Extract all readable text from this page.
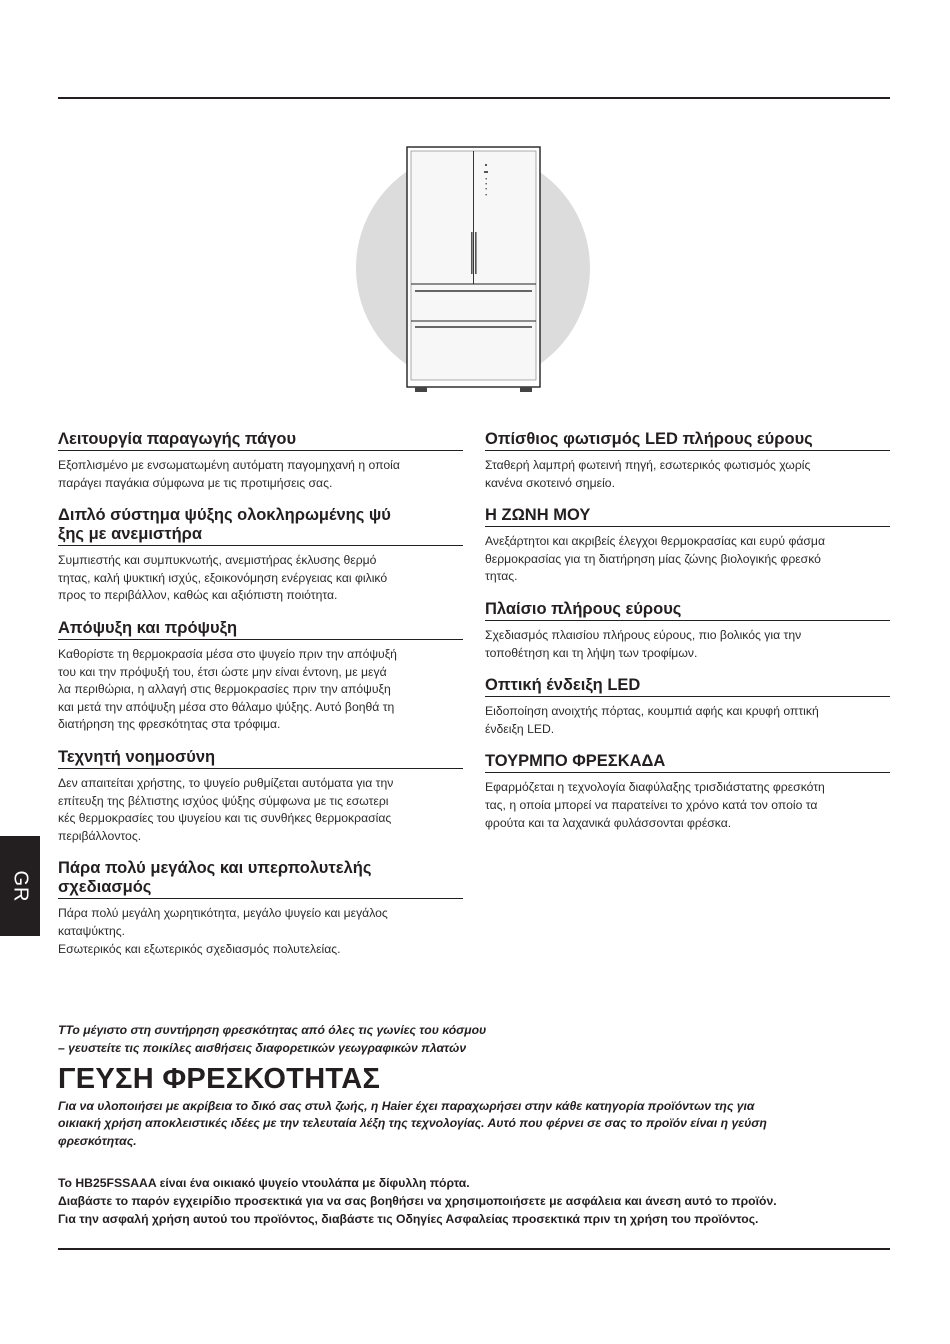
Λειτουργία παραγωγής πάγου

Εξοπλισμένο με ενσωματωμένη αυτόματη παγομηχανή η οποία
παράγει παγάκια σύμφωνα με τις προτιμήσεις σας.

Διπλό σύστημα ψύξης ολοκληρωμένης ψύ
ξης με ανεμιστήρα

Συμπιεστής και συμπυκνωτής, ανεμιστήρας έκλυσης θερμό
τητας, καλή ψυκτική ισχύς, εξοικονόμηση ενέργειας και φιλικό
προς το περιβάλλον, καθώς και αξιόπιστη ποιότητα.

Απόψυξη και πρόψυξη

Καθορίστε τη θερμοκρασία μέσα στο ψυγείο πριν την απόψυξή
του και την πρόψυξή του, έτσι ώστε μην είναι έντονη, με μεγά
λα περιθώρια, η αλλαγή στις θερμοκρασίες πριν την απόψυξη
και μετά την απόψυξη μέσα στο θάλαμο ψύξης. Αυτό βοηθά τη
διατήρηση της φρεσκότητας στα τρόφιμα.

Τεχνητή νοημοσύνη

Δεν απαιτείται χρήστης, το ψυγείο ρυθμίζεται αυτόματα για την
επίτευξη της βέλτιστης ισχύος ψύξης σύμφωνα με τις εσωτερι
κές θερμοκρασίες του ψυγείου και τις συνθήκες θερμοκρασίας
περιβάλλοντος.

Πάρα πολύ μεγάλος και υπερπολυτελής
σχεδιασμός

Πάρα πολύ μεγάλη χωρητικότητα, μεγάλο ψυγείο και μεγάλος
καταψύκτης.
Εσωτερικός και εξωτερικός σχεδιασμός πολυτελείας.

Οπίσθιος φωτισμός LED πλήρους εύρους

Σταθερή λαμπρή φωτεινή πηγή, εσωτερικός φωτισμός χωρίς
κανένα σκοτεινό σημείο.

Η ΖΩΝΗ ΜΟΥ

Ανεξάρτητοι και ακριβείς έλεγχοι θερμοκρασίας και ευρύ φάσμα
θερμοκρασίας για τη διατήρηση μίας ζώνης βιολογικής φρεσκό
τητας.

Πλαίσιο πλήρους εύρους

Σχεδιασμός πλαισίου πλήρους εύρους, πιο βολικός για την
τοποθέτηση και τη λήψη των τροφίμων.

Οπτική ένδειξη LED

Ειδοποίηση ανοιχτής πόρτας, κουμπιά αφής και κρυφή οπτική
ένδειξη LED.

ΤΟΥΡΜΠΟ ΦΡΕΣΚΑΔΑ

Εφαρμόζεται η τεχνολογία διαφύλαξης τρισδιάστατης φρεσκότη
τας, η οποία μπορεί να παρατείνει το χρόνο κατά τον οποίο τα
φρούτα και τα λαχανικά φυλάσσονται φρέσκα.

GR

ΤΤο μέγιστο στη συντήρηση φρεσκότητας από όλες τις γωνίες του κόσμου

– γευστείτε τις ποικίλες αισθήσεις διαφορετικών γεωγραφικών πλατών

ΓΕΥΣΗ ΦΡΕΣΚΟΤΗΤΑΣ

Για να υλοποιήσει με ακρίβεια το δικό σας στυλ ζωής, η Haier έχει παραχωρήσει στην κάθε κατηγορία προϊόντων της για
οικιακή χρήση αποκλειστικές ιδέες με την τελευταία λέξη της τεχνολογίας. Αυτό που φέρνει σε σας το προϊόν είναι η γεύση
φρεσκότητας.

Το HB25FSSAAA είναι ένα οικιακό ψυγείο ντουλάπα με δίφυλλη πόρτα.

Διαβάστε το παρόν εγχειρίδιο προσεκτικά για να σας βοηθήσει να χρησιμοποιήσετε με ασφάλεια και άνεση αυτό το προϊόν.

Για την ασφαλή χρήση αυτού του προϊόντος, διαβάστε τις Οδηγίες Ασφαλείας προσεκτικά πριν τη χρήση του προϊόντος.
